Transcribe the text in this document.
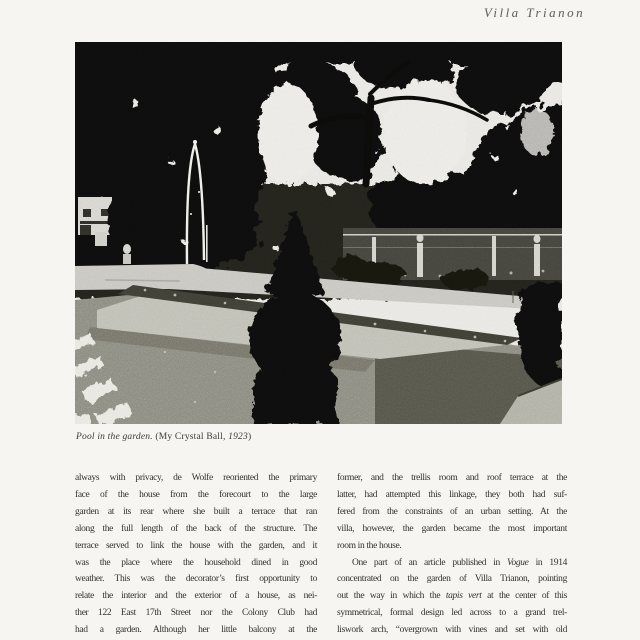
Villa Trianon
Pool in the garden. (My Crystal Ball, 1923)
always with privacy, de Wolfe reoriented the primary
face of the house from the forecourt to the large
garden at its rear where she built a terrace that ran
along the full length of the back of the structure. The
terrace served to link the house with the garden, and it
was the place where the household dined in good
weather. This was the decorator’s first opportunity to
relate the interior and the exterior of a house, as nei-
ther 122 East 17th Street nor the Colony Club had
had a garden. Although her little balcony at the
former, and the trellis room and roof terrace at the
latter, had attempted this linkage, they both had suf-
fered from the constraints of an urban setting. At the
villa, however, the garden became the most important
room in the house.
One part of an article published in Vogue in 1914
concentrated on the garden of Villa Trianon, pointing
out the way in which the tapis vert at the center of this
symmetrical, formal design led across to a grand trel-
liswork arch, “overgrown with vines and set with old
